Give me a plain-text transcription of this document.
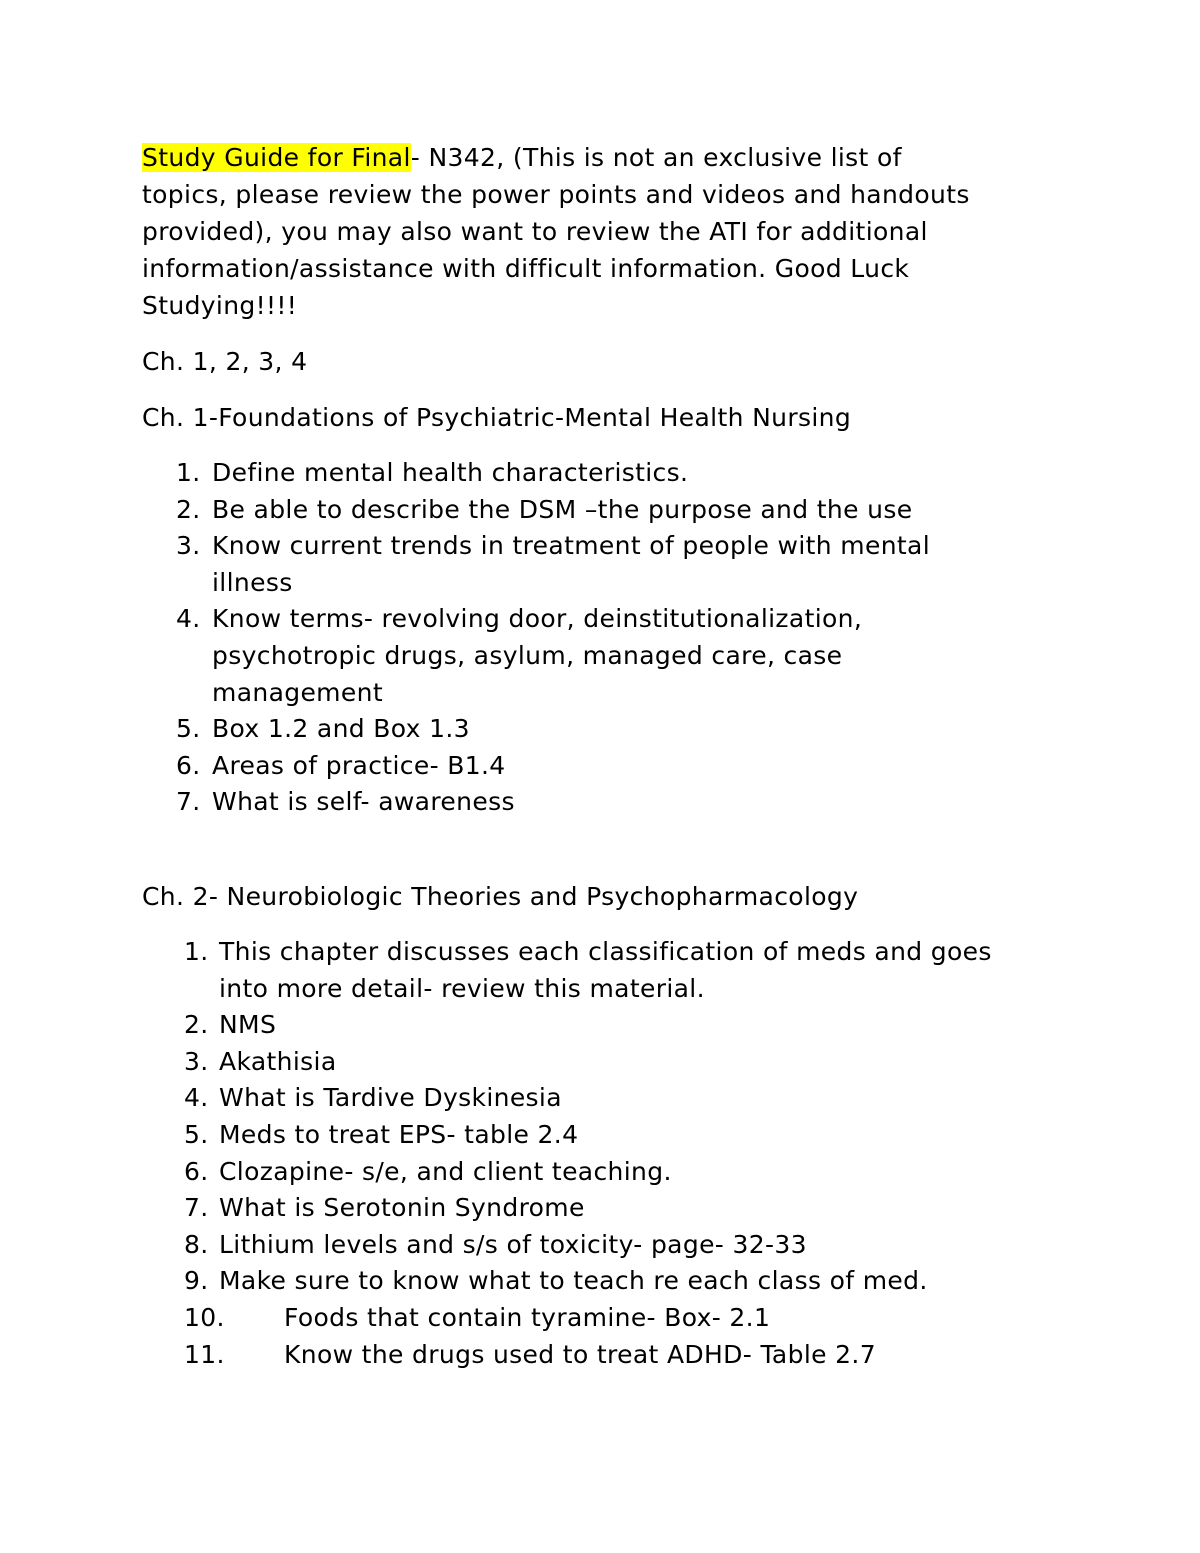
Study Guide for Final- N342, (This is not an exclusive list of
topics, please review the power points and videos and handouts
provided), you may also want to review the ATI for additional
information/assistance with difficult information. Good Luck
Studying!!!!
Ch. 1, 2, 3, 4
Ch. 1-Foundations of Psychiatric-Mental Health Nursing
1. Define mental health characteristics.
2. Be able to describe the DSM –the purpose and the use
3. Know current trends in treatment of people with mental
illness
4. Know terms- revolving door, deinstitutionalization,
psychotropic drugs, asylum, managed care, case
management
5. Box 1.2 and Box 1.3
6. Areas of practice- B1.4
7. What is self- awareness
Ch. 2- Neurobiologic Theories and Psychopharmacology
1. This chapter discusses each classification of meds and goes
into more detail- review this material.
2. NMS
3. Akathisia
4. What is Tardive Dyskinesia
5. Meds to treat EPS- table 2.4
6. Clozapine- s/e, and client teaching.
7. What is Serotonin Syndrome
8. Lithium levels and s/s of toxicity- page- 32-33
9. Make sure to know what to teach re each class of med.
10. Foods that contain tyramine- Box- 2.1
11. Know the drugs used to treat ADHD- Table 2.7
